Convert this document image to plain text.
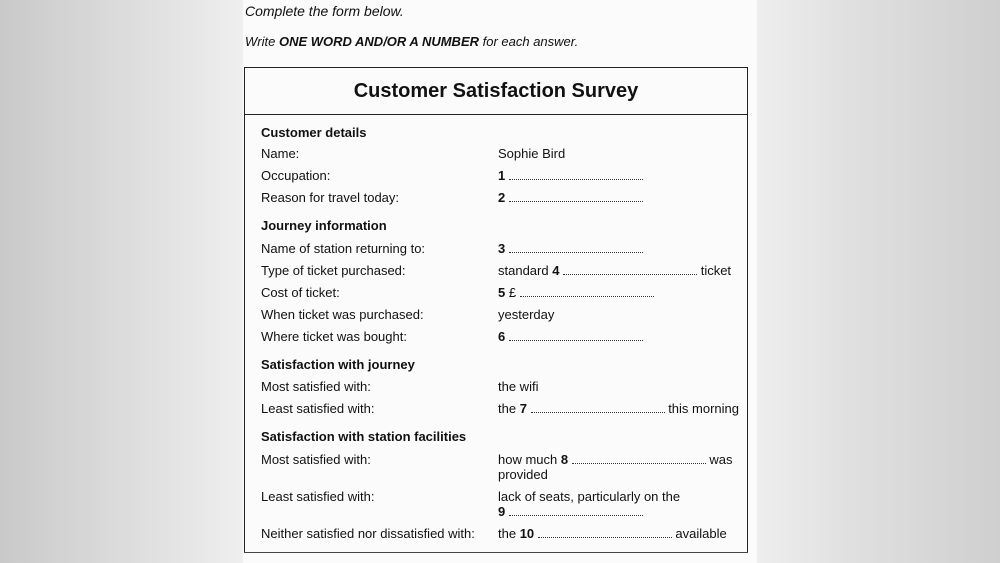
Complete the form below.
Write ONE WORD AND/OR A NUMBER for each answer.
Customer Satisfaction Survey
Customer details
Name:	Sophie Bird
Occupation:	1
Reason for travel today:	2
Journey information
Name of station returning to:	3
Type of ticket purchased:	standard 4	ticket
Cost of ticket:	5 £
When ticket was purchased:	yesterday
Where ticket was bought:	6
Satisfaction with journey
Most satisfied with:	the wifi
Least satisfied with:	the 7	this morning
Satisfaction with station facilities
Most satisfied with:	how much 8	was
provided
Least satisfied with:	lack of seats, particularly on the
9
Neither satisfied nor dissatisfied with: the 10	available
